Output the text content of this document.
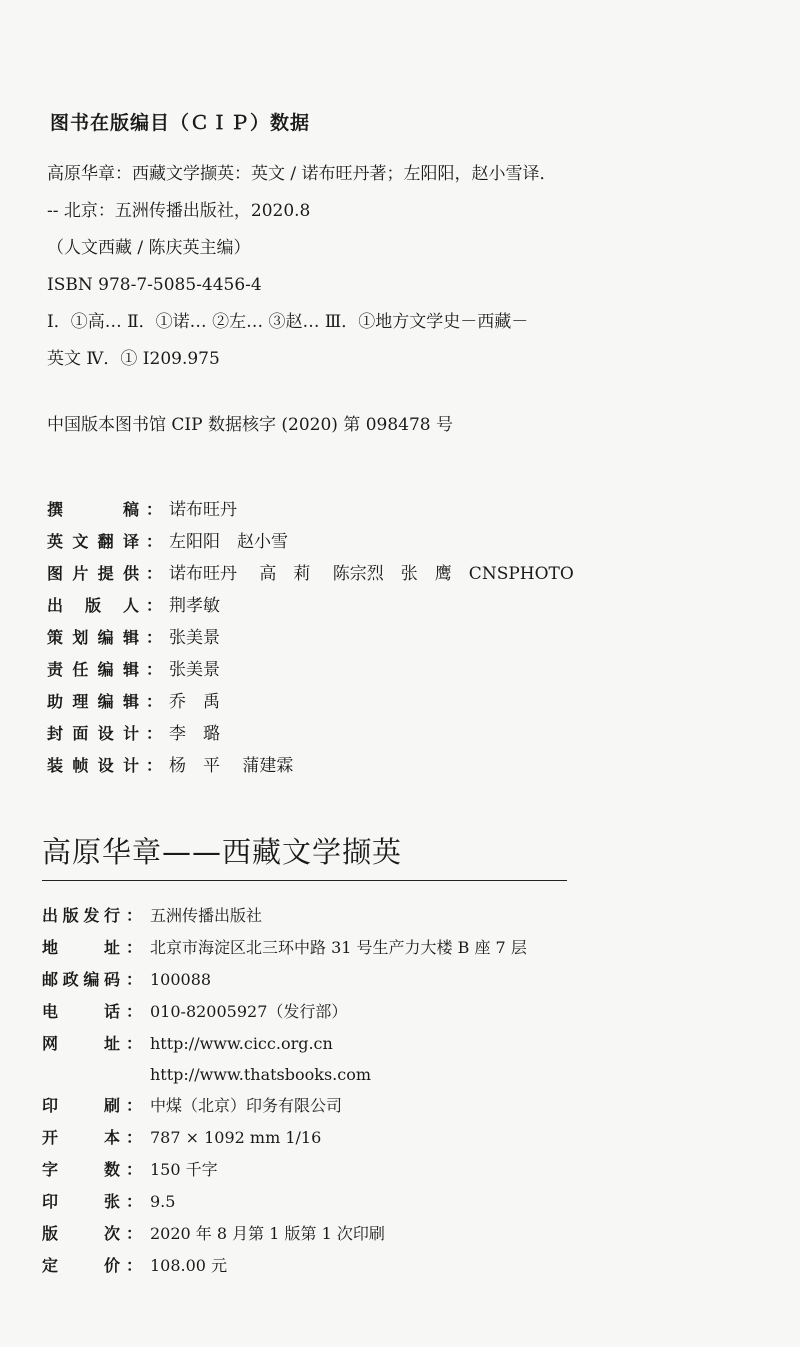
图书在版编目（ＣＩＰ）数据
高原华章：西藏文学撷英：英文 / 诺布旺丹著；左阳阳，赵小雪译．
-- 北京：五洲传播出版社，2020.8
（人文西藏 / 陈庆英主编）
ISBN 978-7-5085-4456-4
Ⅰ．①高… Ⅱ．①诺… ②左… ③赵… Ⅲ．①地方文学史－西藏－
英文 Ⅳ．① I209.975
中国版本图书馆 CIP 数据核字 (2020) 第 098478 号
撰	稿 ： 诺布旺丹
英 文 翻 译 ： 左阳阳　赵小雪
图 片 提 供 ： 诺布旺丹　 高　莉　 陈宗烈　张　鹰　CNSPHOTO
出 版 人 ： 荆孝敏
策 划 编 辑 ： 张美景
责 任 编 辑 ： 张美景
助 理 编 辑 ： 乔　禹
封 面 设 计 ： 李　璐
装 帧 设 计 ： 杨　平　 蒲建霖
高原华章——西藏文学撷英
出 版 发 行 ： 五洲传播出版社
地	址 ： 北京市海淀区北三环中路 31 号生产力大楼 B 座 7 层
邮 政 编 码 ： 100088
电	话 ： 010-82005927（发行部）
网	址 ： http://www.cicc.org.cn
http://www.thatsbooks.com
印	刷 ： 中煤（北京）印务有限公司
开	本 ： 787 × 1092 mm 1/16
字	数 ： 150 千字
印	张 ： 9.5
版	次 ： 2020 年 8 月第 1 版第 1 次印刷
定	价 ： 108.00 元
